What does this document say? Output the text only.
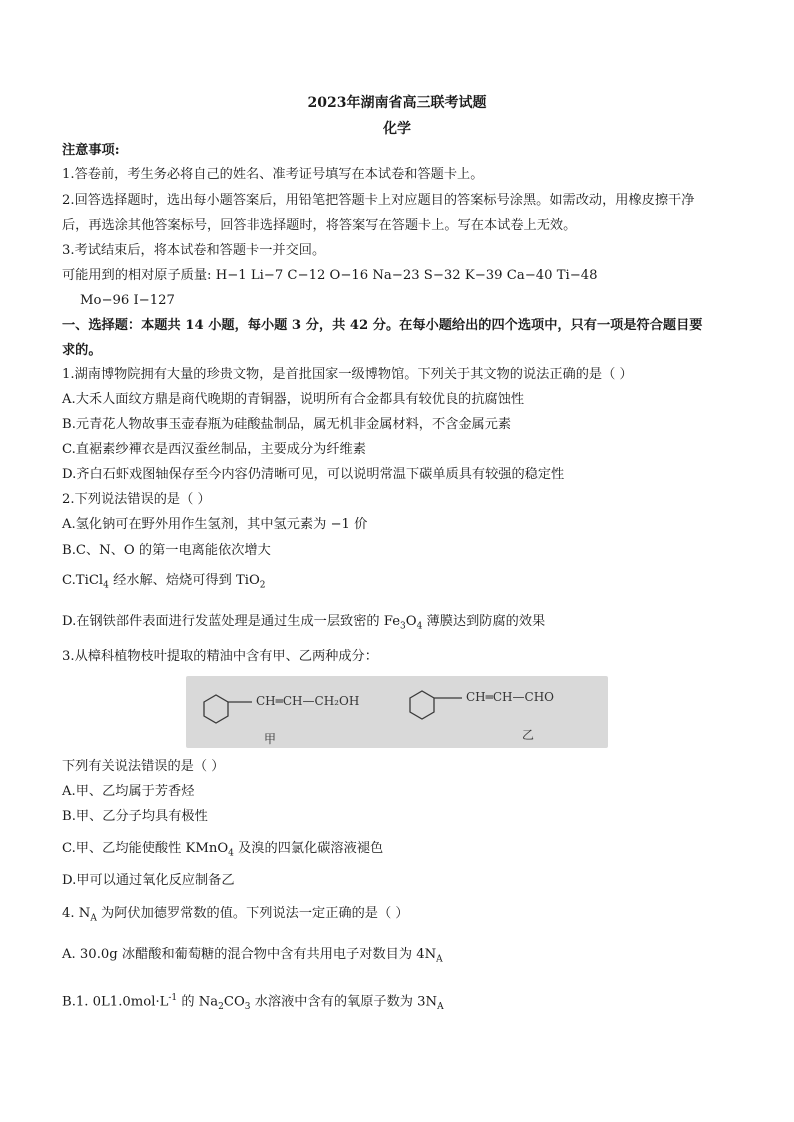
2023年湖南省高三联考试题
化学
注意事项:
1.答卷前，考生务必将自己的姓名、准考证号填写在本试卷和答题卡上。
2.回答选择题时，选出每小题答案后，用铅笔把答题卡上对应题目的答案标号涂黑。如需改动，用橡皮擦干净
后，再选涂其他答案标号，回答非选择题时，将答案写在答题卡上。写在本试卷上无效。
3.考试结束后，将本试卷和答题卡一并交回。
可能用到的相对原子质量: H−1 Li−7 C−12 O−16 Na−23 S−32 K−39 Ca−40 Ti−48
Mo−96 I−127
一、选择题：本题共 14 小题，每小题 3 分，共 42 分。在每小题给出的四个选项中，只有一项是符合题目要
求的。
1.湖南博物院拥有大量的珍贵文物，是首批国家一级博物馆。下列关于其文物的说法正确的是（ ）
A.大禾人面纹方鼎是商代晚期的青铜器，说明所有合金都具有较优良的抗腐蚀性
B.元青花人物故事玉壶春瓶为硅酸盐制品，属无机非金属材料，不含金属元素
C.直裾素纱襌衣是西汉蚕丝制品，主要成分为纤维素
D.齐白石虾戏图轴保存至今内容仍清晰可见，可以说明常温下碳单质具有较强的稳定性
2.下列说法错误的是（ ）
A.氢化钠可在野外用作生氢剂，其中氢元素为 −1 价
B.C、N、O 的第一电离能依次增大
C.TiCl$_4$ 经水解、焙烧可得到 TiO$_2$
D.在钢铁部件表面进行发蓝处理是通过生成一层致密的 $Fe_3O_4$ 薄膜达到防腐的效果
3.从樟科植物枝叶提取的精油中含有甲、乙两种成分：
CH═CH—CH₂OH	CH═CH—CHO
甲	乙
下列有关说法错误的是（ ）
A.甲、乙均属于芳香烃
B.甲、乙分子均具有极性
C.甲、乙均能使酸性 KMnO$_4$ 及溴的四氯化碳溶液褪色
D.甲可以通过氧化反应制备乙
4. $N_A$ 为阿伏加德罗常数的值。下列说法一定正确的是（ ）
A. 30.0g 冰醋酸和葡萄糖的混合物中含有共用电子对数目为 $4N_A$
B.1. $0L1.0mol\cdot L^{-1}$ 的 $Na_2CO_3$ 水溶液中含有的氧原子数为 $3N_A$
